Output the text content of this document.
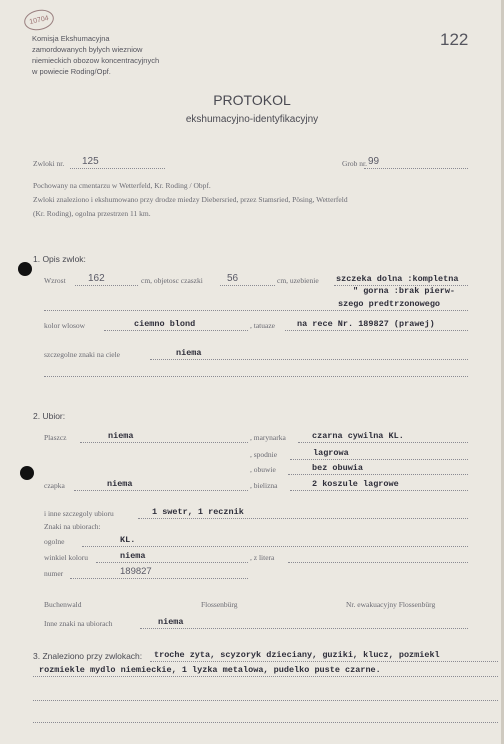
10704
Komisja Ekshumacyjna
zamordowanych bylych wiezniow
niemieckich obozow koncentracyjnych
w powiecie Roding/Opf.
122
PROTOKOL
ekshumacyjno-identyfikacyjny
Zwloki nr. 125	Grob nr. 99
Pochowany na cmentarzu w Wetterfeld, Kr. Roding / Obpf.
Zwloki znaleziono i ekshumowano przy drodze miedzy Diebersried, przez Stamsried, Pösing, Wetterfeld
(Kr. Roding), ogolna przestrzen 11 km.
1. Opis zwlok:
Wzrost 162	cm, objetosc czaszki 56	cm, uzebienie szczeka dolna :kompletna
" gorna :brak pierw-
szego predtrzonowego
kolor wlosow	ciemno blond	, tatuaze	na rece Nr. 189827 (prawej)
szczegolne znaki na ciele	niema
2. Ubior:
Plaszcz	niema	, marynarka	czarna cywilna KL.
, spodnie	lagrowa
, obuwie	bez obuwia
czapka	niema	, bielizna	2 koszule lagrowe
i inne szczegoly ubioru	1 swetr, 1 recznik
Znaki na ubiorach:
ogolne	KL.
winkiel koloru	niema	, z litera
numer	189827
Buchenwald	Flossenbürg	Nr. ewakuacyjny Flossenbürg
Inne znaki na ubiorach	niema
3. Znaleziono przy zwlokach: troche zyta, scyzoryk dzieciany, guziki, klucz, pozmiekl
rozmiekle mydlo niemieckie, 1 lyzka metalowa, pudelko puste czarne.
